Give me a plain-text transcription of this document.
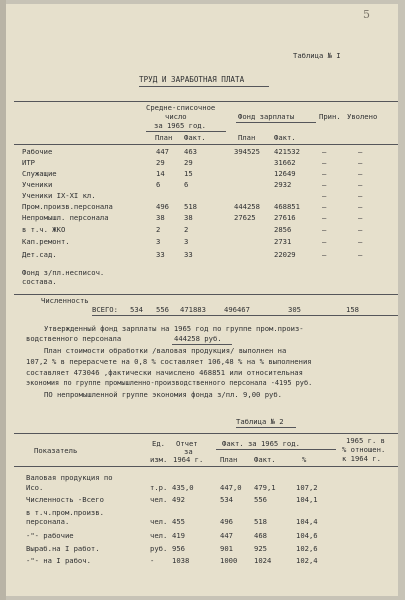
5
Таблица № I
ТРУД И ЗАРАБОТНАЯ ПЛАТА
Средне-списочное
число
за 1965 год.
Фонд зарплаты	Прин. Уволено
План Факт.	План	Факт.
Рабочие	447 463	394525 421532	–	–
ИТР	29	29	31662	–	–
Служащие	14	15	12649	–	–
Ученики	6	6	2932	–	–
Ученики IX-XI кл.	–	–
Пром.произв.персонала	496 518	444258 468851	–	–
Непромышл. персонала	38	38	27625	27616	–	–
в т.ч. ЖКО	2	2	2856	–	–
Кап.ремонт.	3	3	2731	–	–
Дет.сад.	33	33	22029	–	–
Фонд з/пл.несписоч.
состава.
Численность
ВСЕГО: 534 556 471883	496467	305	158
Утвержденный фонд зарплаты на 1965 год по группе пром.произ-
водственного персонала	444258 руб.
План стоимости обработки /валовая продукция/ выполнен на
107,2 % в перерасчете на 0,8 % составляет 106,48 % на % выполнения
составляет 473046 ,фактически начислено 468851 или относительная
экономия по группе промышленно-производственного персонала -4195 руб.
ПО непромышленной группе экономия фонда з/пл. 9,00 руб.
Таблица № 2
Показатель
Ед.
изм.
Отчет
за
1964 г.
Факт. за 1965 год.
План Факт.	%
1965 г. в
% отношен.
к 1964 г.
Валовая продукция по
Исо.	т.р. 435,0	447,0 479,1	107,2
Численность -Всего	чел. 492	534	556	104,1
в т.ч.пром.произв.
персонала.	чел. 455	496	518	104,4
-"- рабочие	чел. 419	447	468	104,6
Выраб.на I работ.	руб. 956	901	925	102,6
-"- на I рабоч.	- 1038	1000 1024	102,4
